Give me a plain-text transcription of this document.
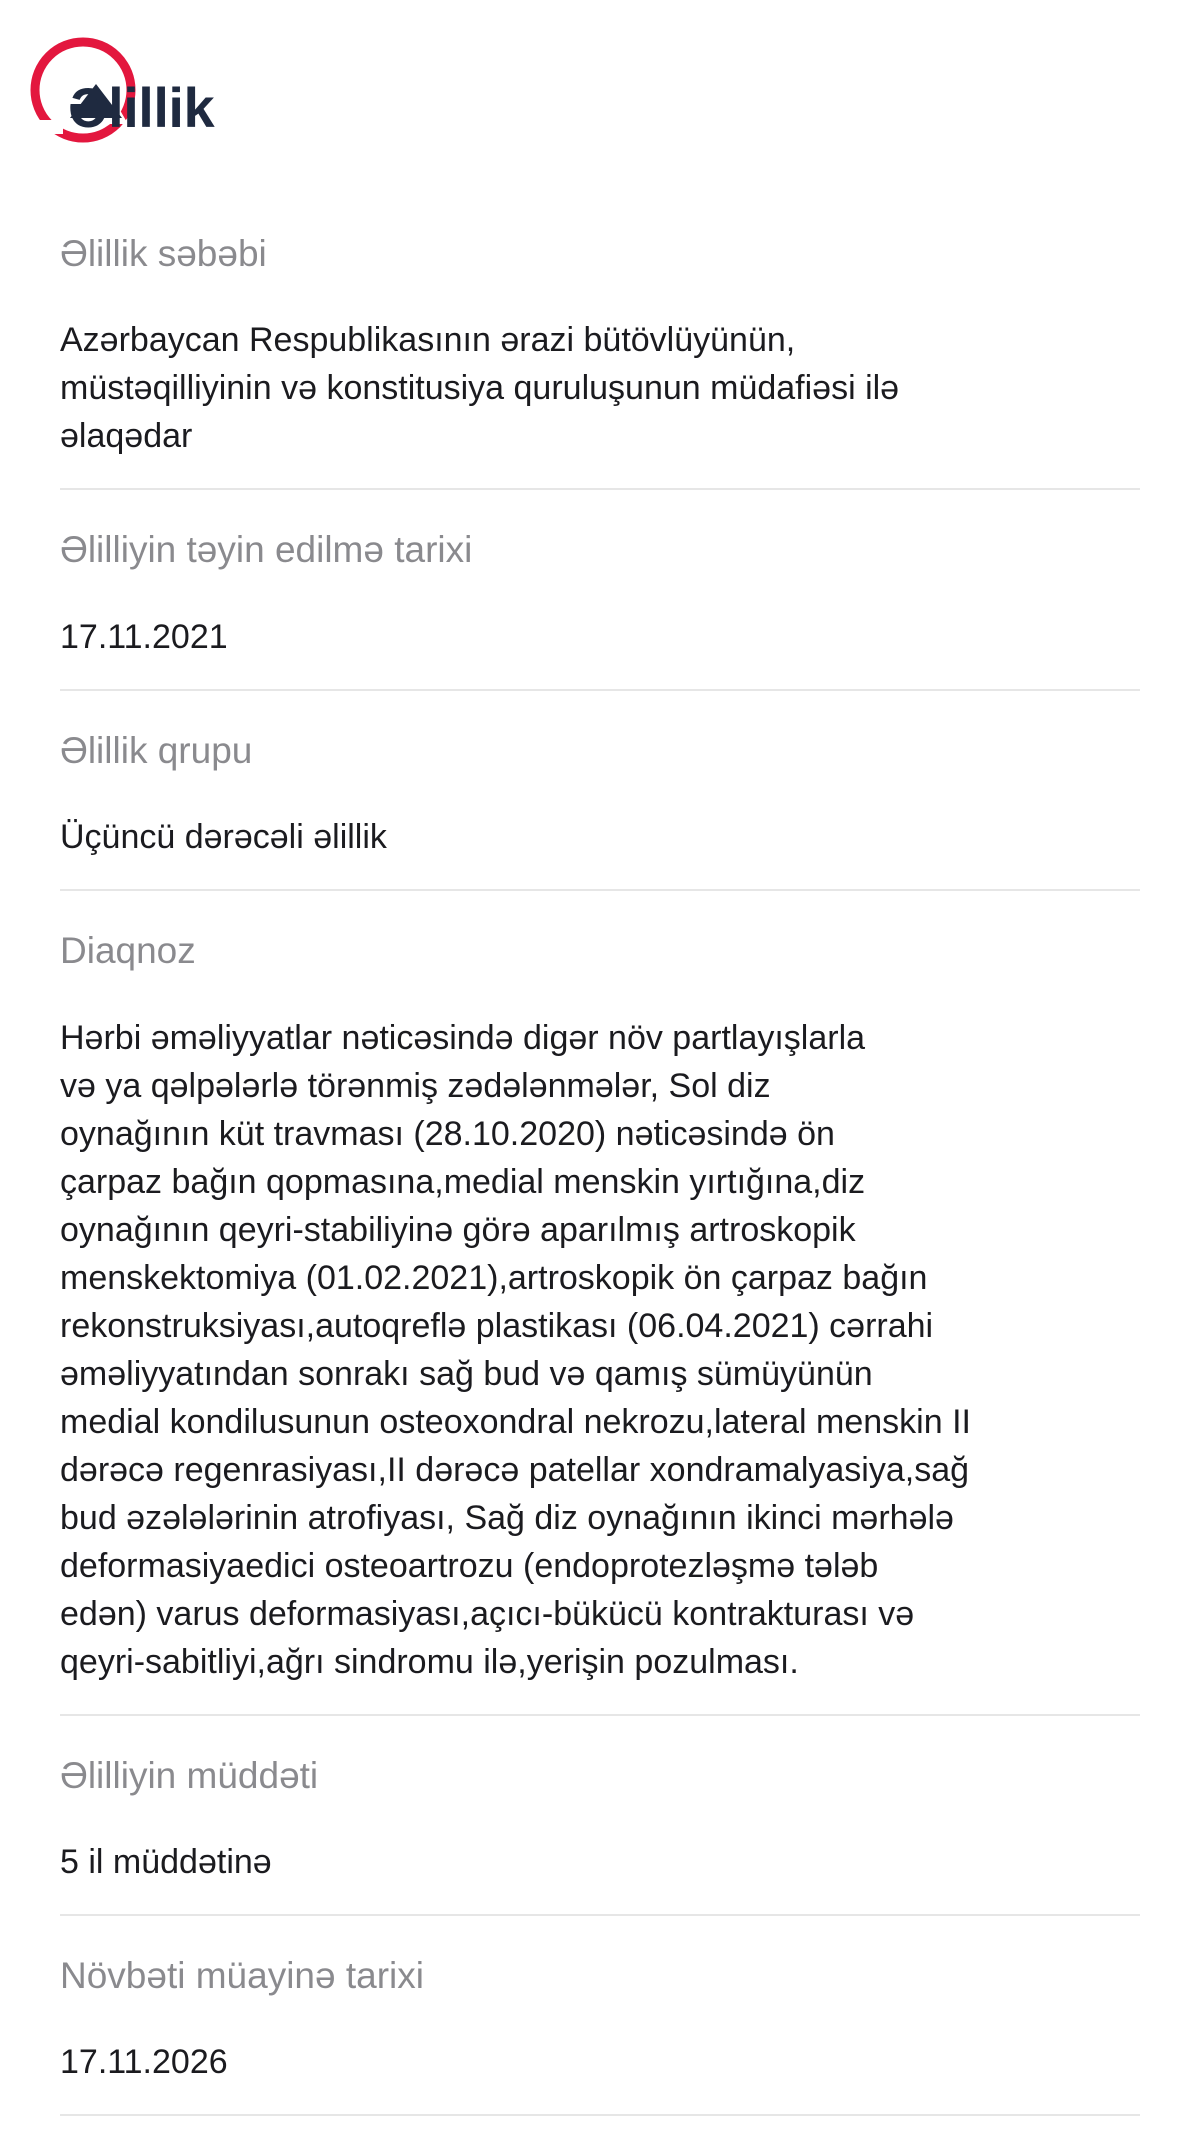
Əlillik
Əlillik səbəbi
Azərbaycan Respublikasının ərazi bütövlüyünün,
müstəqilliyinin və konstitusiya quruluşunun müdafiəsi ilə
əlaqədar
Əlilliyin təyin edilmə tarixi
17.11.2021
Əlillik qrupu
Üçüncü dərəcəli əlillik
Diaqnoz
Hərbi əməliyyatlar nəticəsində digər növ partlayışlarla
və ya qəlpələrlə törənmiş zədələnmələr, Sol diz
oynağının küt travması (28.10.2020) nəticəsində ön
çarpaz bağın qopmasına,medial menskin yırtığına,diz
oynağının qeyri-stabiliyinə görə aparılmış artroskopik
menskektomiya (01.02.2021),artroskopik ön çarpaz bağın
rekonstruksiyası,autoqreflə plastikası (06.04.2021) cərrahi
əməliyyatından sonrakı sağ bud və qamış sümüyünün
medial kondilusunun osteoxondral nekrozu,lateral menskin II
dərəcə regenrasiyası,II dərəcə patellar xondramalyasiya,sağ
bud əzələlərinin atrofiyası, Sağ diz oynağının ikinci mərhələ
deformasiyaedici osteoartrozu (endoprotezləşmə tələb
edən) varus deformasiyası,açıcı-bükücü kontrakturası və
qeyri-sabitliyi,ağrı sindromu ilə,yerişin pozulması.
Əlilliyin müddəti
5 il müddətinə
Növbəti müayinə tarixi
17.11.2026
